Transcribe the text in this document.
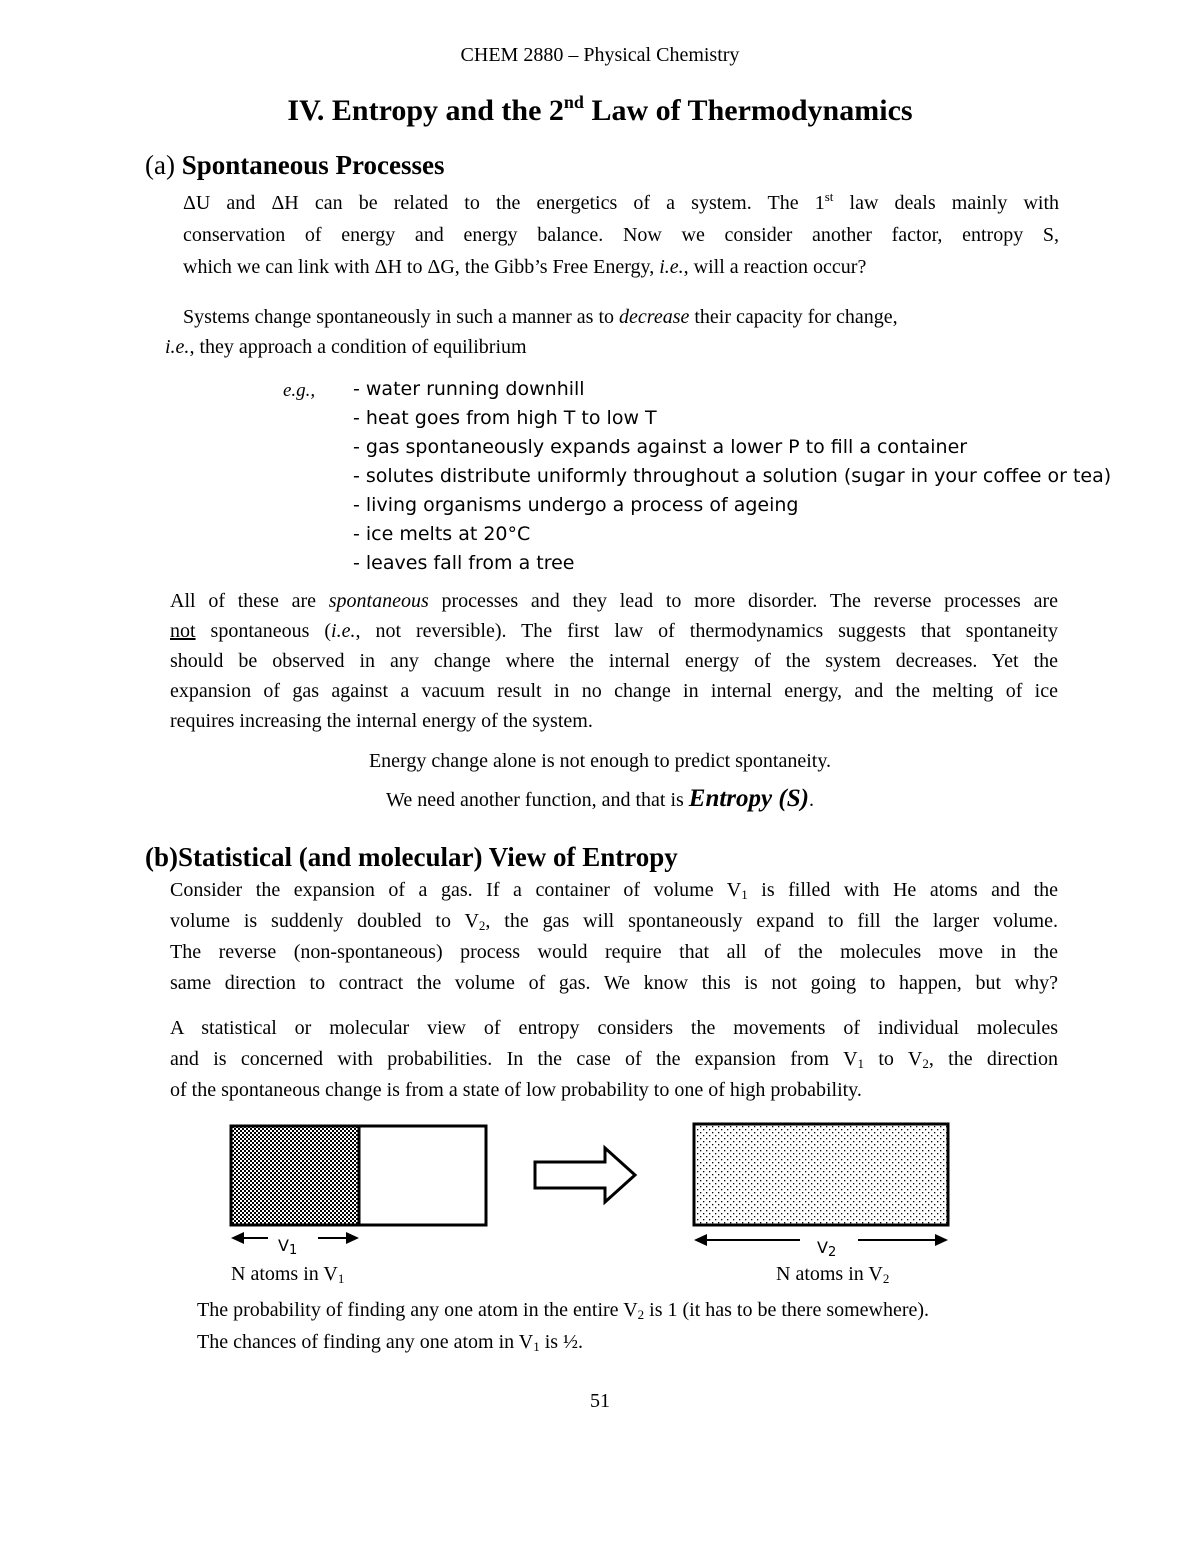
CHEM 2880 – Physical Chemistry
IV. Entropy and the 2nd Law of Thermodynamics
(a) Spontaneous Processes
ΔU and ΔH can be related to the energetics of a system. The 1st law deals mainly with
conservation of energy and energy balance. Now we consider another factor, entropy S,
which we can link with ΔH to ΔG, the Gibb’s Free Energy, i.e., will a reaction occur?
Systems change spontaneously in such a manner as to decrease their capacity for change,
i.e., they approach a condition of equilibrium
e.g., - water running downhill
- heat goes from high T to low T
- gas spontaneously expands against a lower P to fill a container
- solutes distribute uniformly throughout a solution (sugar in your coffee or tea)
- living organisms undergo a process of ageing
- ice melts at 20°C
- leaves fall from a tree
All of these are spontaneous processes and they lead to more disorder. The reverse processes are
not spontaneous (i.e., not reversible). The first law of thermodynamics suggests that spontaneity
should be observed in any change where the internal energy of the system decreases. Yet the
expansion of gas against a vacuum result in no change in internal energy, and the melting of ice
requires increasing the internal energy of the system.
Energy change alone is not enough to predict spontaneity.
We need another function, and that is Entropy (S).
(b)Statistical (and molecular) View of Entropy
Consider the expansion of a gas. If a container of volume $V_1$ is filled with He atoms and the
volume is suddenly doubled to $V_2$, the gas will spontaneously expand to fill the larger volume.
The reverse (non-spontaneous) process would require that all of the molecules move in the
same direction to contract the volume of gas. We know this is not going to happen, but why?
A statistical or molecular view of entropy considers the movements of individual molecules
and is concerned with probabilities. In the case of the expansion from $V_1$ to $V_2$, the direction
of the spontaneous change is from a state of low probability to one of high probability.
$V_1$	$V_2$
N atoms in $V_1$	N atoms in $V_2$
The probability of finding any one atom in the entire $V_2$ is 1 (it has to be there somewhere).
The chances of finding any one atom in $V_1$ is ½.
51
